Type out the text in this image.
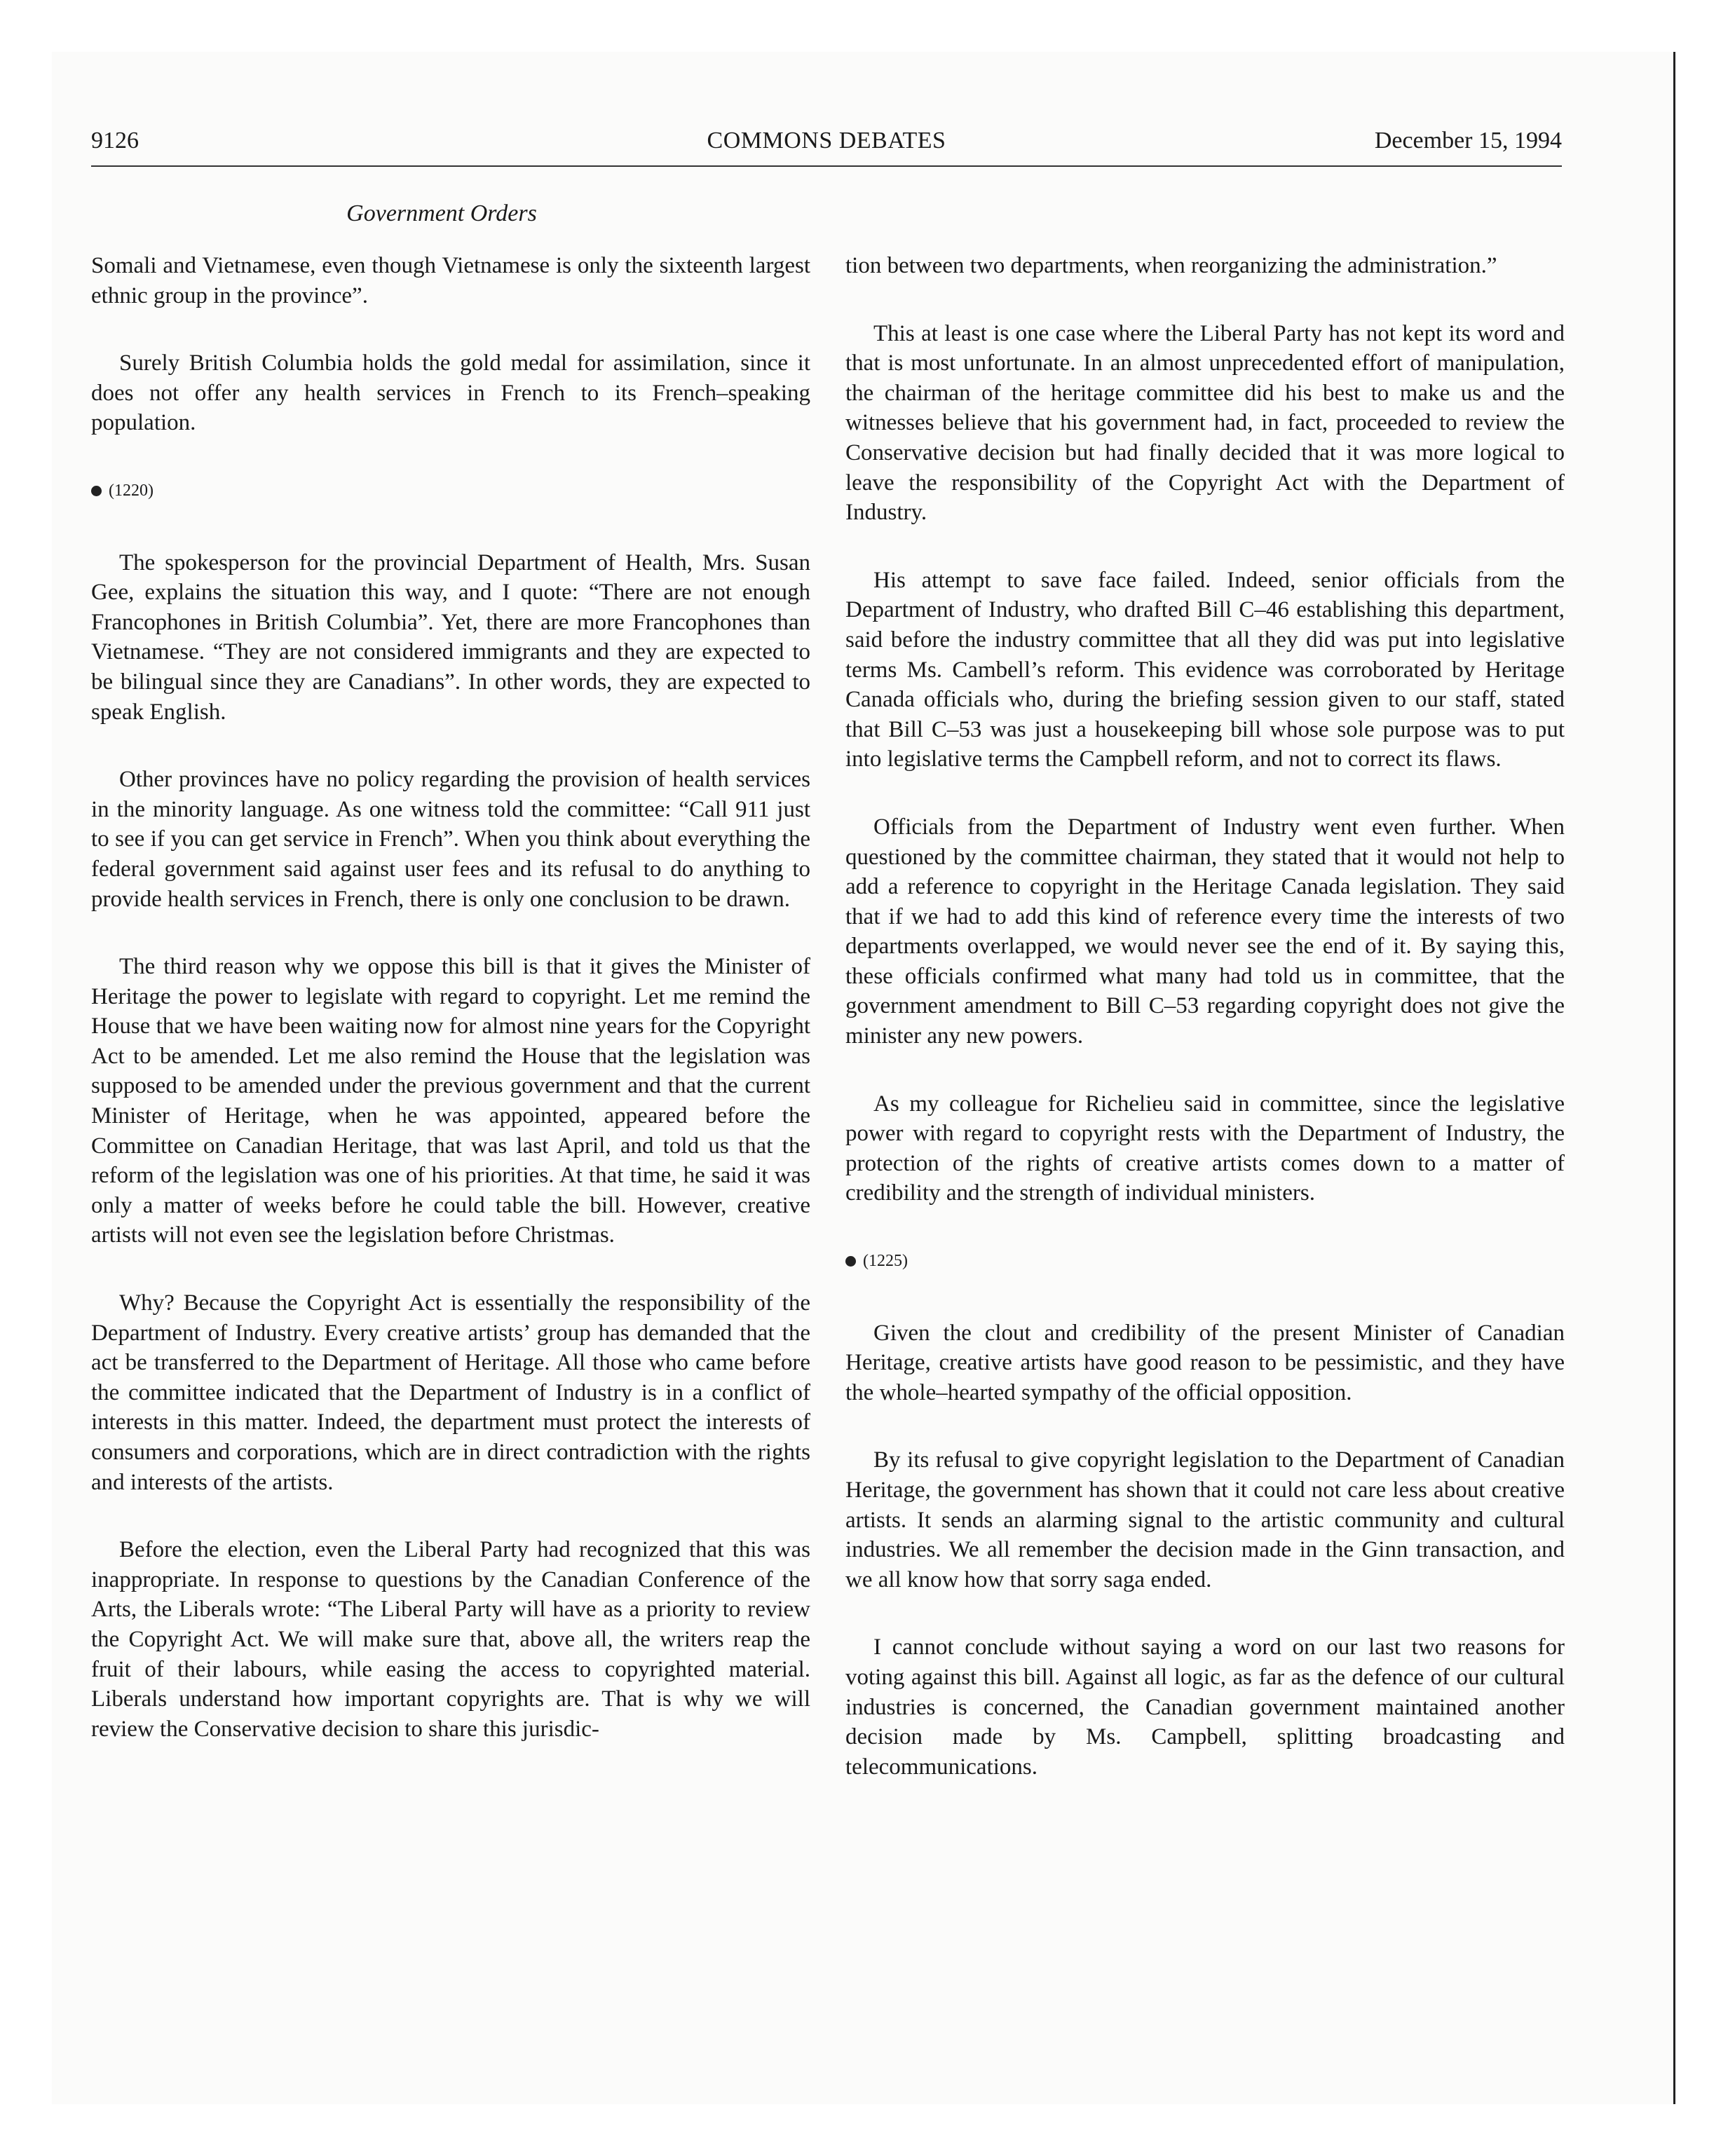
9126	COMMONS DEBATES	December 15, 1994
Government Orders

Somali and Vietnamese, even though Vietnamese is only the sixteenth largest ethnic group in the province”.

Surely British Columbia holds the gold medal for assimilation, since it does not offer any health services in French to its French–speaking population.

(1220)

The spokesperson for the provincial Department of Health, Mrs. Susan Gee, explains the situation this way, and I quote: “There are not enough Francophones in British Columbia”. Yet, there are more Francophones than Vietnamese. “They are not considered immigrants and they are expected to be bilingual since they are Canadians”. In other words, they are expected to speak English.

Other provinces have no policy regarding the provision of health services in the minority language. As one witness told the committee: “Call 911 just to see if you can get service in French”. When you think about everything the federal government said against user fees and its refusal to do anything to provide health services in French, there is only one conclusion to be drawn.

The third reason why we oppose this bill is that it gives the Minister of Heritage the power to legislate with regard to copyright. Let me remind the House that we have been waiting now for almost nine years for the Copyright Act to be amended. Let me also remind the House that the legislation was supposed to be amended under the previous government and that the current Minister of Heritage, when he was appointed, appeared before the Committee on Canadian Heritage, that was last April, and told us that the reform of the legislation was one of his priorities. At that time, he said it was only a matter of weeks before he could table the bill. However, creative artists will not even see the legislation before Christmas.

Why? Because the Copyright Act is essentially the responsibility of the Department of Industry. Every creative artists’ group has demanded that the act be transferred to the Department of Heritage. All those who came before the committee indicated that the Department of Industry is in a conflict of interests in this matter. Indeed, the department must protect the interests of consumers and corporations, which are in direct contradiction with the rights and interests of the artists.

Before the election, even the Liberal Party had recognized that this was inappropriate. In response to questions by the Canadian Conference of the Arts, the Liberals wrote: “The Liberal Party will have as a priority to review the Copyright Act. We will make sure that, above all, the writers reap the fruit of their labours, while easing the access to copyrighted material. Liberals understand how important copyrights are. That is why we will review the Conservative decision to share this jurisdic-

tion between two departments, when reorganizing the administration.”

This at least is one case where the Liberal Party has not kept its word and that is most unfortunate. In an almost unprecedented effort of manipulation, the chairman of the heritage committee did his best to make us and the witnesses believe that his government had, in fact, proceeded to review the Conservative decision but had finally decided that it was more logical to leave the responsibility of the Copyright Act with the Department of Industry.

His attempt to save face failed. Indeed, senior officials from the Department of Industry, who drafted Bill C–46 establishing this department, said before the industry committee that all they did was put into legislative terms Ms. Cambell’s reform. This evidence was corroborated by Heritage Canada officials who, during the briefing session given to our staff, stated that Bill C–53 was just a housekeeping bill whose sole purpose was to put into legislative terms the Campbell reform, and not to correct its flaws.

Officials from the Department of Industry went even further. When questioned by the committee chairman, they stated that it would not help to add a reference to copyright in the Heritage Canada legislation. They said that if we had to add this kind of reference every time the interests of two departments overlapped, we would never see the end of it. By saying this, these officials confirmed what many had told us in committee, that the government amendment to Bill C–53 regarding copyright does not give the minister any new powers.

As my colleague for Richelieu said in committee, since the legislative power with regard to copyright rests with the Department of Industry, the protection of the rights of creative artists comes down to a matter of credibility and the strength of individual ministers.

(1225)

Given the clout and credibility of the present Minister of Canadian Heritage, creative artists have good reason to be pessimistic, and they have the whole–hearted sympathy of the official opposition.

By its refusal to give copyright legislation to the Department of Canadian Heritage, the government has shown that it could not care less about creative artists. It sends an alarming signal to the artistic community and cultural industries. We all remember the decision made in the Ginn transaction, and we all know how that sorry saga ended.

I cannot conclude without saying a word on our last two reasons for voting against this bill. Against all logic, as far as the defence of our cultural industries is concerned, the Canadian government maintained another decision made by Ms. Campbell, splitting broadcasting and telecommunications.
